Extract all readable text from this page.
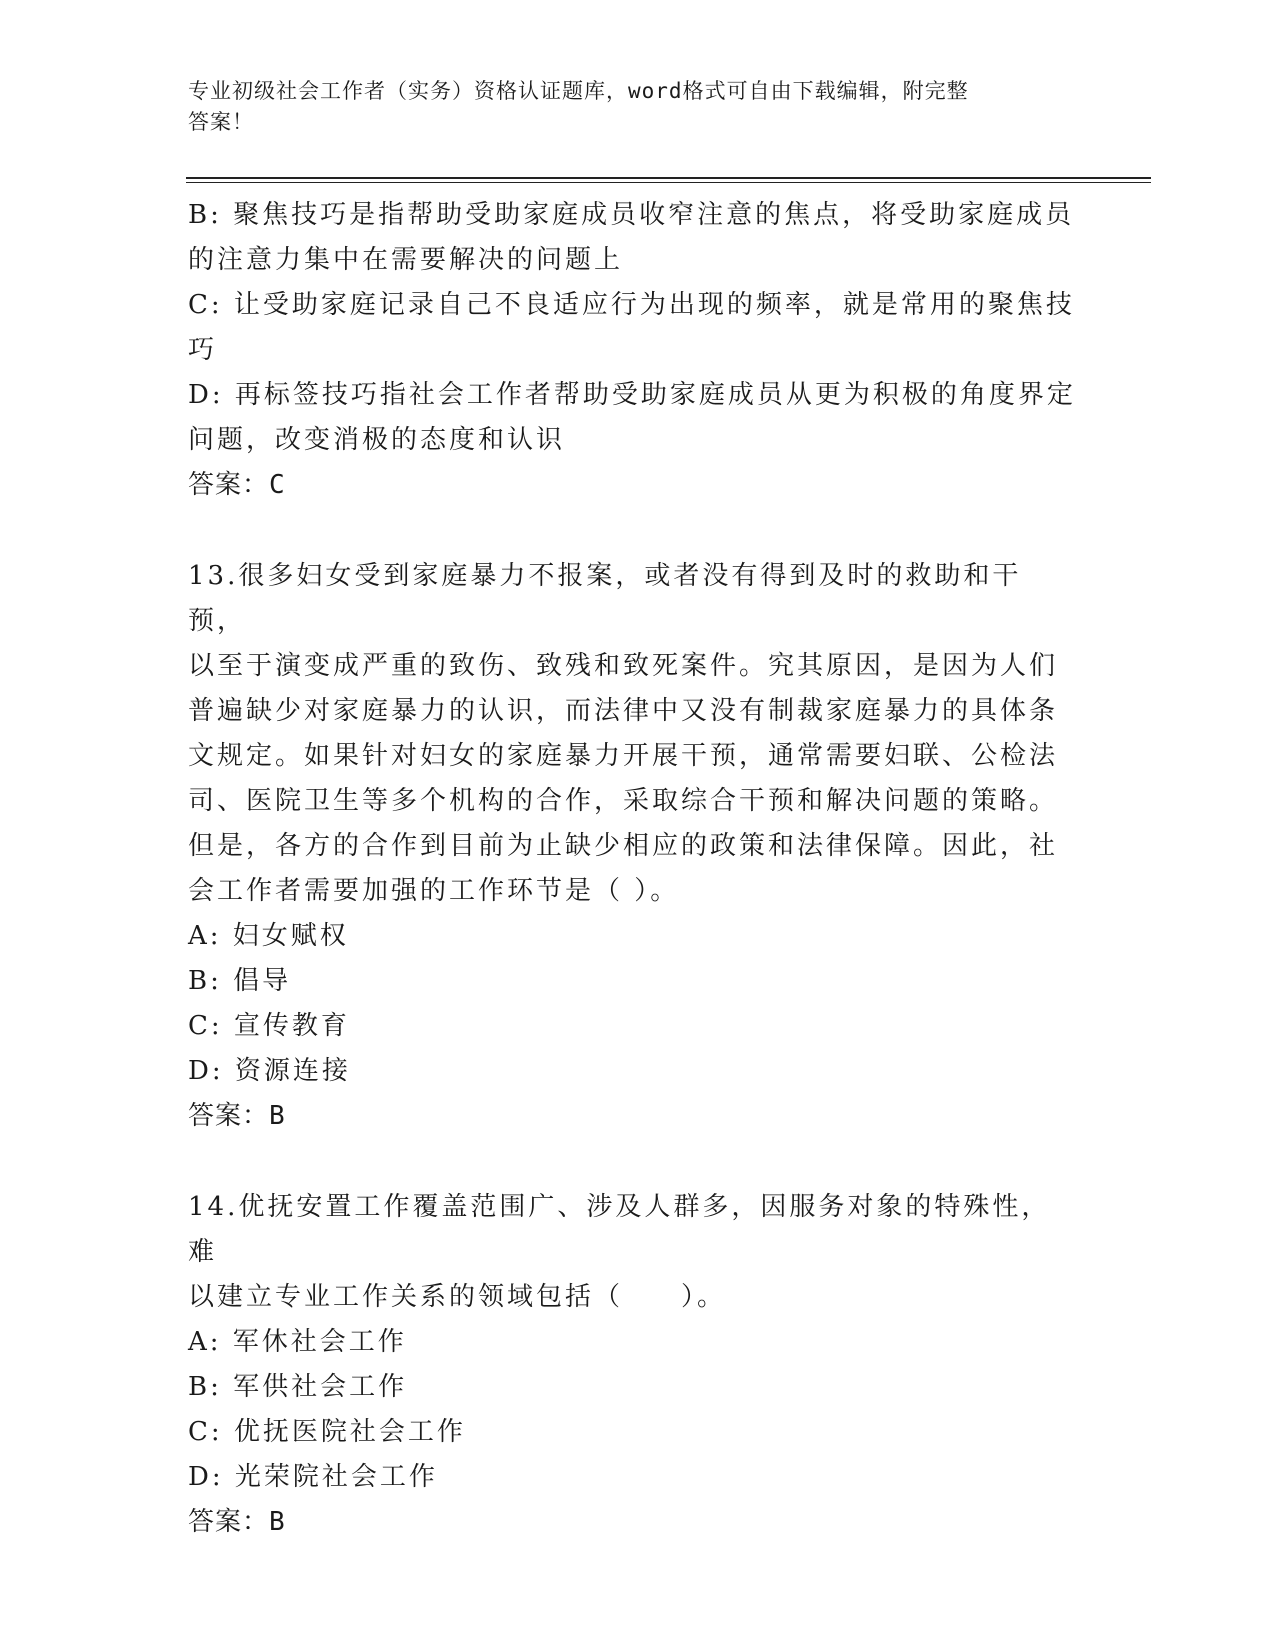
专业初级社会工作者（实务）资格认证题库，word格式可自由下载编辑，附完整
答案！

B: 聚焦技巧是指帮助受助家庭成员收窄注意的焦点，将受助家庭成员

的注意力集中在需要解决的问题上

C: 让受助家庭记录自己不良适应行为出现的频率，就是常用的聚焦技

巧

D: 再标签技巧指社会工作者帮助受助家庭成员从更为积极的角度界定

问题，改变消极的态度和认识

答案：C

13.很多妇女受到家庭暴力不报案，或者没有得到及时的救助和干预，

以至于演变成严重的致伤、致残和致死案件。究其原因，是因为人们

普遍缺少对家庭暴力的认识，而法律中又没有制裁家庭暴力的具体条

文规定。如果针对妇女的家庭暴力开展干预，通常需要妇联、公检法

司、医院卫生等多个机构的合作，采取综合干预和解决问题的策略。

但是，各方的合作到目前为止缺少相应的政策和法律保障。因此，社

会工作者需要加强的工作环节是（ ）。

A: 妇女赋权

B: 倡导

C: 宣传教育

D: 资源连接

答案：B

14.优抚安置工作覆盖范围广、涉及人群多，因服务对象的特殊性，难

以建立专业工作关系的领域包括（　　）。

A: 军休社会工作

B: 军供社会工作

C: 优抚医院社会工作

D: 光荣院社会工作

答案：B
